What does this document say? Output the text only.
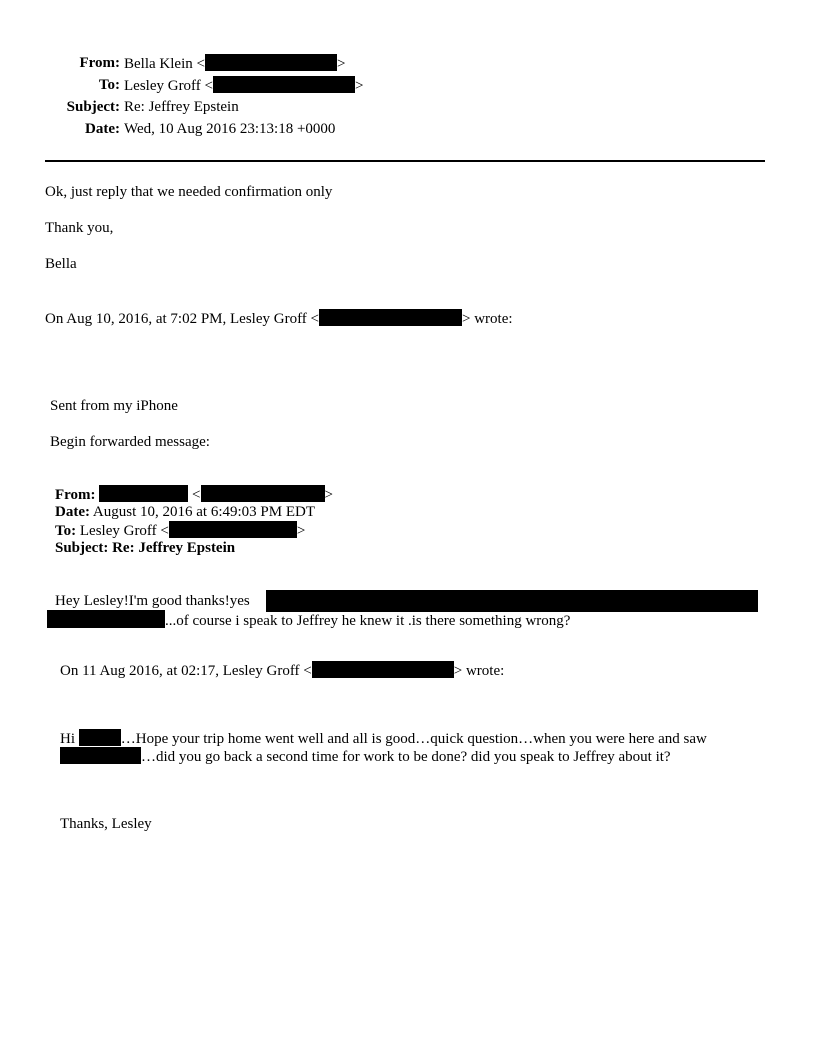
From: Bella Klein <	>
To: Lesley Groff <	>
Subject: Re: Jeffrey Epstein
Date: Wed, 10 Aug 2016 23:13:18 +0000
Ok, just reply that we needed confirmation only
Thank you,
Bella
On Aug 10, 2016, at 7:02 PM, Lesley Groff <	> wrote:
Sent from my iPhone
Begin forwarded message:
From:	<	>
Date: August 10, 2016 at 6:49:03 PM EDT
To: Lesley Groff <	>
Subject: Re: Jeffrey Epstein
Hey Lesley!I'm good thanks!yes
...of course i speak to Jeffrey he knew it .is there something wrong?
On 11 Aug 2016, at 02:17, Lesley Groff <	> wrote:
Hi	…Hope your trip home went well and all is good…quick question…when you were here and saw
…did you go back a second time for work to be done? did you speak to Jeffrey about it?
Thanks, Lesley
